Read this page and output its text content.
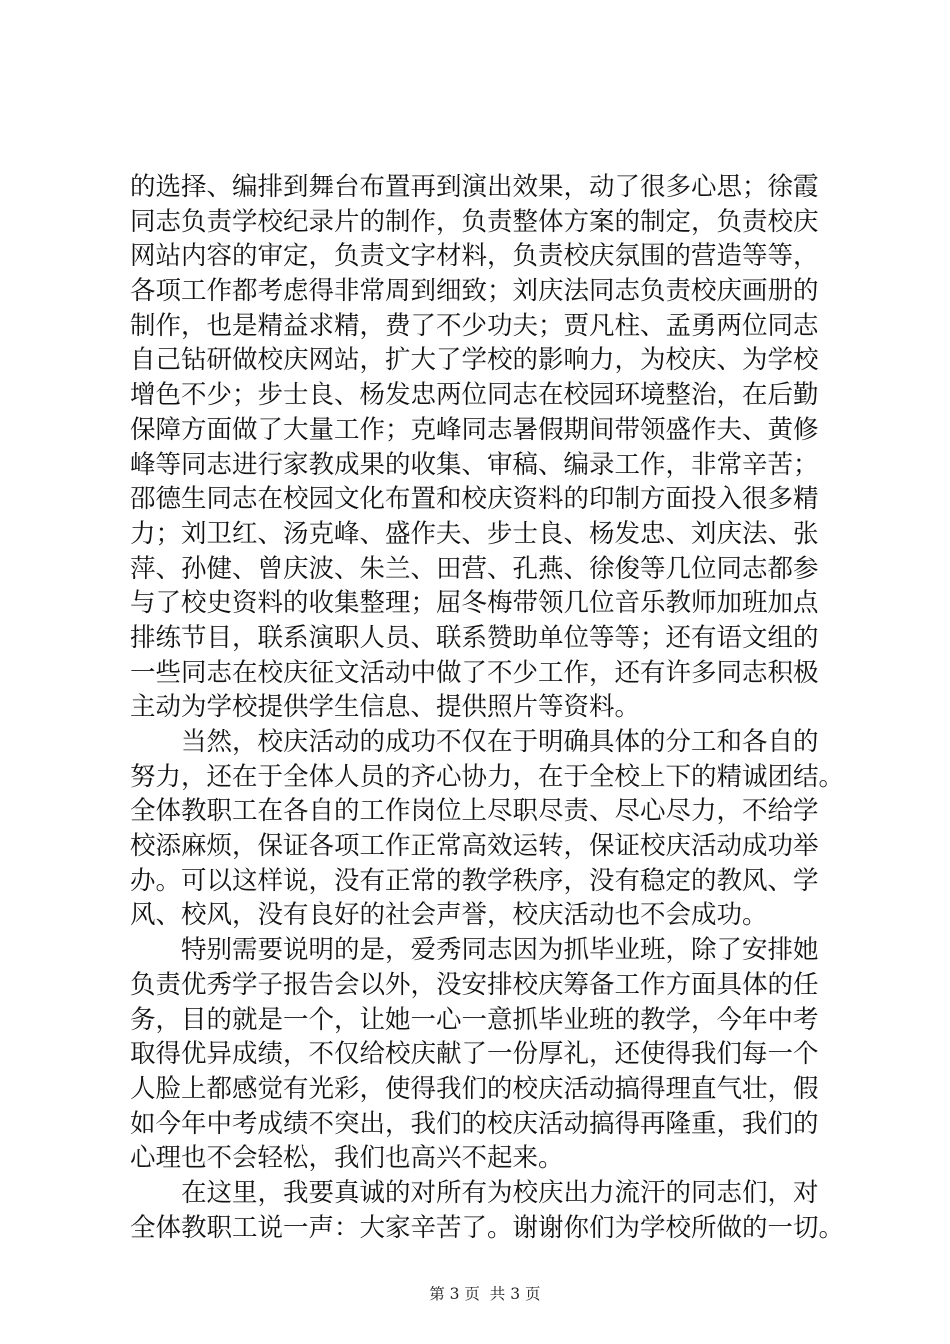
的选择、编排到舞台布置再到演出效果，动了很多心思；徐霞
同志负责学校纪录片的制作，负责整体方案的制定，负责校庆
网站内容的审定，负责文字材料，负责校庆氛围的营造等等，
各项工作都考虑得非常周到细致；刘庆法同志负责校庆画册的
制作，也是精益求精，费了不少功夫；贾凡柱、孟勇两位同志
自己钻研做校庆网站，扩大了学校的影响力，为校庆、为学校
增色不少；步士良、杨发忠两位同志在校园环境整治，在后勤
保障方面做了大量工作；克峰同志暑假期间带领盛作夫、黄修
峰等同志进行家教成果的收集、审稿、编录工作，非常辛苦；
邵德生同志在校园文化布置和校庆资料的印制方面投入很多精
力；刘卫红、汤克峰、盛作夫、步士良、杨发忠、刘庆法、张
萍、孙健、曾庆波、朱兰、田营、孔燕、徐俊等几位同志都参
与了校史资料的收集整理；屈冬梅带领几位音乐教师加班加点
排练节目，联系演职人员、联系赞助单位等等；还有语文组的
一些同志在校庆征文活动中做了不少工作，还有许多同志积极
主动为学校提供学生信息、提供照片等资料。
　　当然，校庆活动的成功不仅在于明确具体的分工和各自的
努力，还在于全体人员的齐心协力，在于全校上下的精诚团结。
全体教职工在各自的工作岗位上尽职尽责、尽心尽力，不给学
校添麻烦，保证各项工作正常高效运转，保证校庆活动成功举
办。可以这样说，没有正常的教学秩序，没有稳定的教风、学
风、校风，没有良好的社会声誉，校庆活动也不会成功。
　　特别需要说明的是，爱秀同志因为抓毕业班，除了安排她
负责优秀学子报告会以外，没安排校庆筹备工作方面具体的任
务，目的就是一个，让她一心一意抓毕业班的教学，今年中考
取得优异成绩，不仅给校庆献了一份厚礼，还使得我们每一个
人脸上都感觉有光彩，使得我们的校庆活动搞得理直气壮，假
如今年中考成绩不突出，我们的校庆活动搞得再隆重，我们的
心理也不会轻松，我们也高兴不起来。
　　在这里，我要真诚的对所有为校庆出力流汗的同志们，对
全体教职工说一声：大家辛苦了。谢谢你们为学校所做的一切。

第 3 页  共 3 页
